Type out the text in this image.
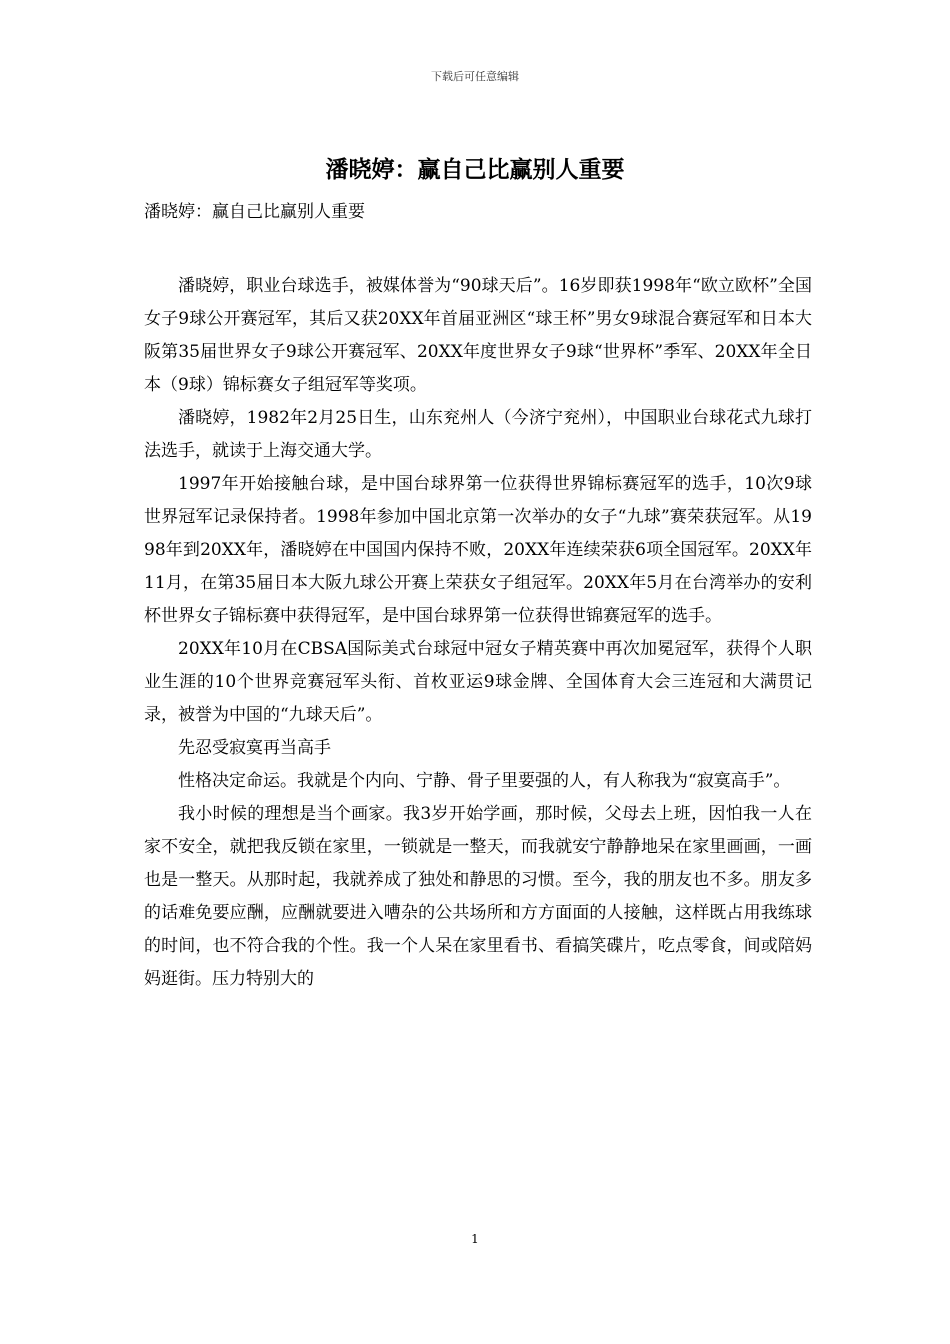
下载后可任意编辑
潘晓婷：赢自己比赢别人重要
潘晓婷：赢自己比赢别人重要

潘晓婷，职业台球选手，被媒体誉为“90球天后”。16岁即获1998年“欧立欧杯”全国女子9球公开赛冠军，其后又获20XX年首届亚洲区“球王杯”男女9球混合赛冠军和日本大阪第35届世界女子9球公开赛冠军、20XX年度世界女子9球“世界杯”季军、20XX年全日本（9球）锦标赛女子组冠军等奖项。

潘晓婷，1982年2月25日生，山东兖州人（今济宁兖州），中国职业台球花式九球打法选手，就读于上海交通大学。

1997年开始接触台球，是中国台球界第一位获得世界锦标赛冠军的选手，10次9球世界冠军记录保持者。1998年参加中国北京第一次举办的女子“九球”赛荣获冠军。从1998年到20XX年，潘晓婷在中国国内保持不败，20XX年连续荣获6项全国冠军。20XX年11月，在第35届日本大阪九球公开赛上荣获女子组冠军。20XX年5月在台湾举办的安利杯世界女子锦标赛中获得冠军，是中国台球界第一位获得世锦赛冠军的选手。

20XX年10月在CBSA国际美式台球冠中冠女子精英赛中再次加冕冠军，获得个人职业生涯的10个世界竞赛冠军头衔、首枚亚运9球金牌、全国体育大会三连冠和大满贯记录，被誉为中国的“九球天后”。

先忍受寂寞再当高手

性格决定命运。我就是个内向、宁静、骨子里要强的人，有人称我为“寂寞高手”。

我小时候的理想是当个画家。我3岁开始学画，那时候，父母去上班，因怕我一人在家不安全，就把我反锁在家里，一锁就是一整天，而我就安宁静静地呆在家里画画，一画也是一整天。从那时起，我就养成了独处和静思的习惯。至今，我的朋友也不多。朋友多的话难免要应酬，应酬就要进入嘈杂的公共场所和方方面面的人接触，这样既占用我练球的时间，也不符合我的个性。我一个人呆在家里看书、看搞笑碟片，吃点零食，间或陪妈妈逛街。压力特别大的

1
